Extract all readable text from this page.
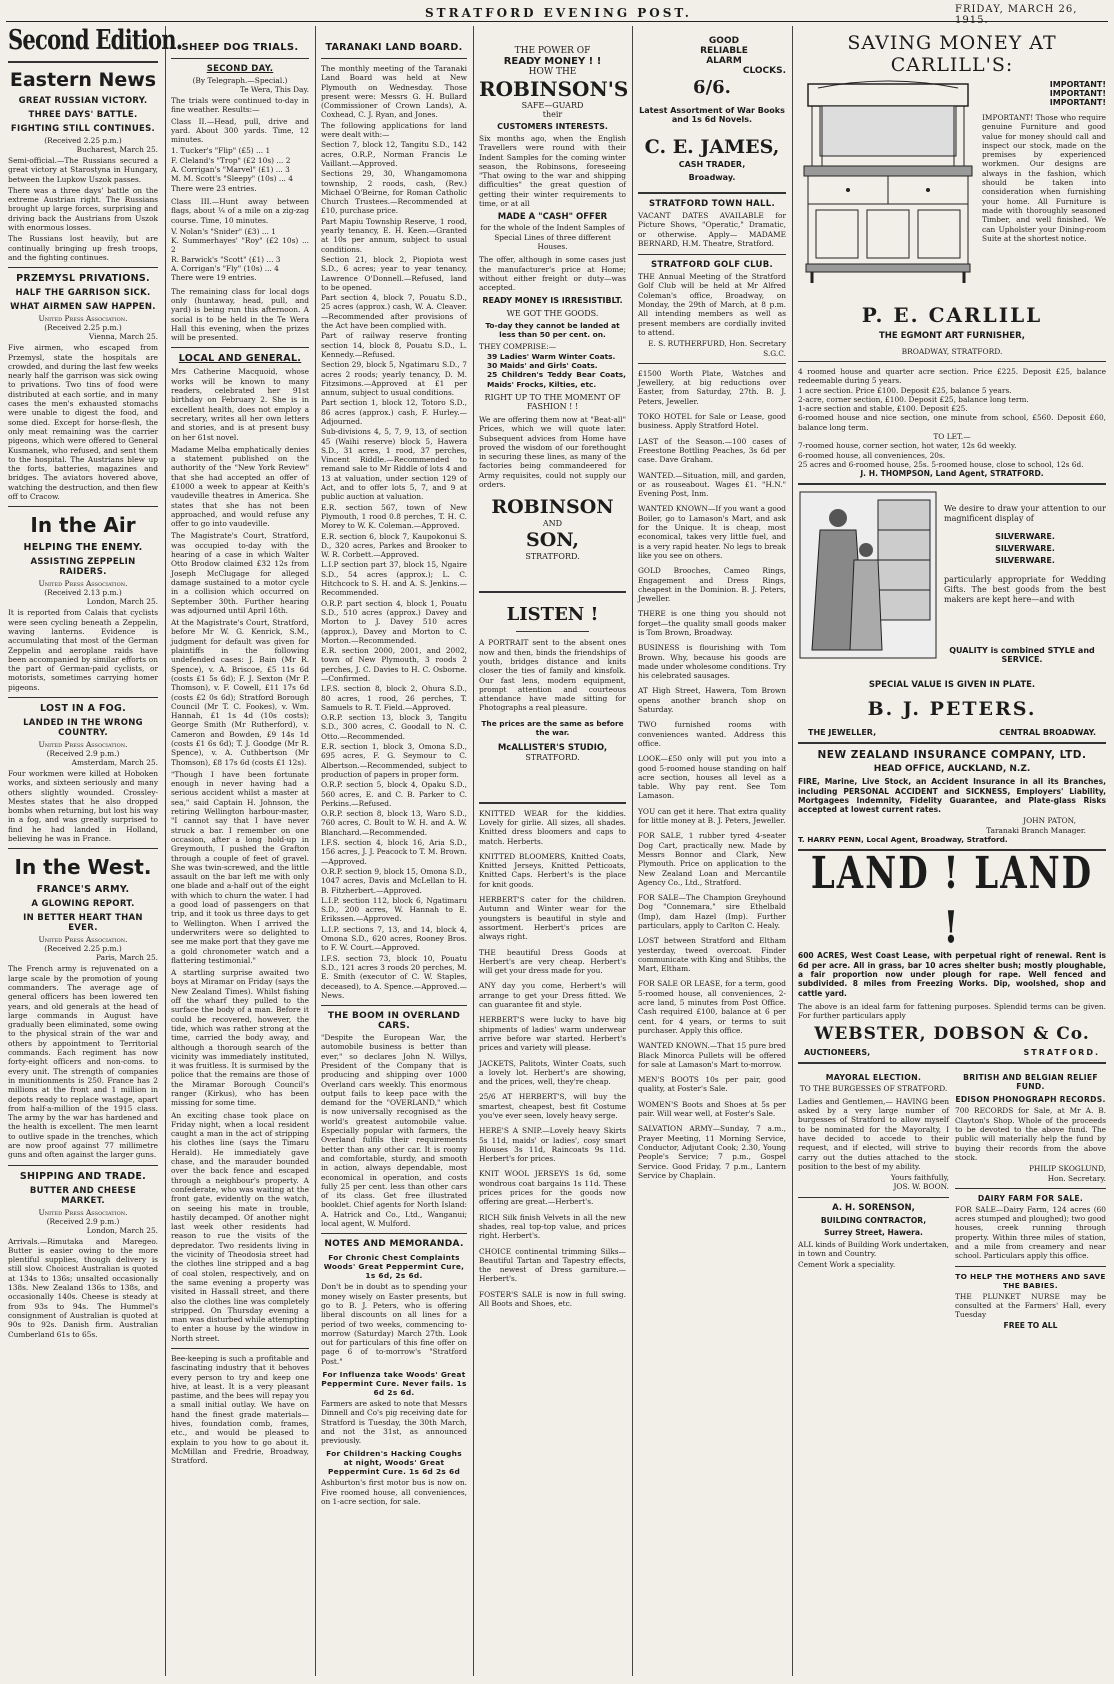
STRATFORD EVENING POST.	FRIDAY, MARCH 26, 1915.
Second Edition.
Eastern News
GREAT RUSSIAN VICTORY.
THREE DAYS' BATTLE.
FIGHTING STILL CONTINUES.
(Received 2.25 p.m.)
Bucharest, March 25.

Semi-official.—The Russians secured a great victory at Starostyna in Hungary, between the Lupkow Uszok passes.

There was a three days' battle on the extreme Austrian right. The Russians brought up large forces, surprising and driving back the Austrians from Uszok with enormous losses.

The Russians lost heavily, but are continually bringing up fresh troops, and the fighting continues.

PRZEMYSL PRIVATIONS.
HALF THE GARRISON SICK.
WHAT AIRMEN SAW HAPPEN.
United Press Association.
(Received 2.25 p.m.)
Vienna, March 25.

Five airmen, who escaped from Przemysl, state the hospitals are crowded, and during the last few weeks nearly half the garrison was sick owing to privations. Two tins of food were distributed at each sortie, and in many cases the men's exhausted stomachs were unable to digest the food, and some died. Except for horse-flesh, the only meat remaining was the carrier pigeons, which were offered to General Kusmanek, who refused, and sent them to the hospital. The Austrians blew up the forts, batteries, magazines and bridges. The aviators hovered above, watching the destruction, and then flew off to Cracow.

In the Air
HELPING THE ENEMY.
ASSISTING ZEPPELIN RAIDERS.
United Press Association.
(Received 2.13 p.m.)
London, March 25.

It is reported from Calais that cyclists were seen cycling beneath a Zeppelin, waving lanterns. Evidence is accumulating that most of the German Zeppelin and aeroplane raids have been accompanied by similar efforts on the part of German-paid cyclists, or motorists, sometimes carrying homer pigeons.

LOST IN A FOG.
LANDED IN THE WRONG COUNTRY.
United Press Association.
(Received 2.9 p.m.)
Amsterdam, March 25.

Four workmen were killed at Hoboken works, and sixteen seriously and many others slightly wounded. Crossley-Mestes states that he also dropped bombs when returning, but lost his way in a fog, and was greatly surprised to find he had landed in Holland, believing he was in France.

In the West.
FRANCE'S ARMY.
A GLOWING REPORT.
IN BETTER HEART THAN EVER.
United Press Association.
(Received 2.25 p.m.)
Paris, March 25.

The French army is rejuvenated on a large scale by the promotion of young commanders. The average age of general officers has been lowered ten years, and old generals at the head of large commands in August have gradually been eliminated, some owing to the physical strain of the war and others by appointment to Territorial commands. Each regiment has now forty-eight officers and non-coms. to every unit. The strength of companies in munitionments is 250. France has 2 millions at the front and 1 million in depots ready to replace wastage, apart from half-a-million of the 1915 class. The army by the war has hardened and the health is excellent. The men learnt to outlive spade in the trenches, which are now proof against 77 millimetre guns and often against the larger guns.

SHIPPING AND TRADE.
BUTTER AND CHEESE MARKET.
United Press Association.
(Received 2.9 p.m.)
London, March 25.

Arrivals.—Rimutaka and Maregeo. Butter is easier owing to the more plentiful supplies, though delivery is still slow. Choicest Australian is quoted at 134s to 136s; unsalted occasionally 138s. New Zealand 136s to 138s, and occasionally 140s. Cheese is steady at from 93s to 94s. The Hummel's consignment of Australian is quoted at 90s to 92s. Danish firm. Australian Cumberland 61s to 65s.

SHEEP DOG TRIALS.
SECOND DAY.
(By Telegraph.—Special.)
Te Wera, This Day.

The trials were continued to-day in fine weather. Results:—

Class II.—Head, pull, drive and yard. About 300 yards. Time, 12 minutes.

1. Tucker's "Flip" (£5) ... 1
F. Cleland's "Trop" (£2 10s) ... 2
A. Corrigan's "Marvel" (£1) ... 3
M. M. Scott's "Sleepy" (10s) ... 4
There were 23 entries.

Class III.—Hunt away between flags, about ¼ of a mile on a zig-zag course. Time, 10 minutes.

V. Nolan's "Snider" (£3) ... 1
K. Summerhayes' "Roy" (£2 10s) ... 2
R. Barwick's "Scott" (£1) ... 3
A. Corrigan's "Fly" (10s) ... 4
There were 19 entries.

The remaining class for local dogs only (huntaway, head, pull, and yard) is being run this afternoon. A social is to be held in the Te Wera Hall this evening, when the prizes will be presented.

LOCAL AND GENERAL.

Mrs Catherine Macquoid, whose works will be known to many readers, celebrated her 91st birthday on February 2. She is in excellent health, does not employ a secretary, writes all her own letters and stories, and is at present busy on her 61st novel.

Madame Melba emphatically denies a statement published on the authority of the "New York Review" that she had accepted an offer of £1000 a week to appear at Keith's vaudeville theatres in America. She states that she has not been approached, and would refuse any offer to go into vaudeville.

The Magistrate's Court, Stratford, was occupied to-day with the hearing of a case in which Walter Otto Brodow claimed £32 12s from Joseph McClugage for alleged damage sustained to a motor cycle in a collision which occurred on September 30th. Further hearing was adjourned until April 16th.

At the Magistrate's Court, Stratford, before Mr W. G. Kenrick, S.M., judgment for default was given for plaintiffs in the following undefended cases: J. Bain (Mr R. Spence), v. A. Briscoe, £5 11s 6d (costs £1 5s 6d); F. J. Sexton (Mr P. Thomson), v. F. Cowell, £11 17s 6d (costs £2 0s 6d); Stratford Borough Council (Mr T. C. Fookes), v. Wm. Hannah, £1 1s 4d (10s costs); George Smith (Mr Rutherford), v. Cameron and Bowden, £9 14s 1d (costs £1 6s 6d); T. J. Goodge (Mr R. Spence), v. A. Cuthbertson (Mr Thomson), £8 17s 6d (costs £1 12s).

"Though I have been fortunate enough in never having had a serious accident whilst a master at sea," said Captain H. Johnson, the retiring Wellington harbour-master, "I cannot say that I have never struck a bar. I remember on one occasion, after a long hold-up in Greymouth, I pushed the Grafton through a couple of feet of gravel. She was twin-screwed, and the little assault on the bar left me with only one blade and a-half out of the eight with which to churn the water. I had a good load of passengers on that trip, and it took us three days to get to Wellington. When I arrived the underwriters were so delighted to see me make port that they gave me a gold chronometer watch and a flattering testimonial."

A startling surprise awaited two boys at Miramar on Friday (says the New Zealand Times). Whilst fishing off the wharf they pulled to the surface the body of a man. Before it could be recovered, however, the tide, which was rather strong at the time, carried the body away, and although a thorough search of the vicinity was immediately instituted, it was fruitless. It is surmised by the police that the remains are those of the Miramar Borough Council's ranger (Kirkus), who has been missing for some time.

An exciting chase took place on Friday night, when a local resident caught a man in the act of stripping his clothes line (says the Timaru Herald). He immediately gave chase, and the marauder bounded over the back fence and escaped through a neighbour's property. A confederate, who was waiting at the front gate, evidently on the watch, on seeing his mate in trouble, hastily decamped. Of another night last week other residents had reason to rue the visits of the depredator. Two residents living in the vicinity of Theodosia street had the clothes line stripped and a bag of coal stolen, respectively, and on the same evening a property was visited in Hassall street, and there also the clothes line was completely stripped. On Thursday evening a man was disturbed while attempting to enter a house by the window in North street.

Bee-keeping is such a profitable and fascinating industry that it behoves every person to try and keep one hive, at least. It is a very pleasant pastime, and the bees will repay you a small initial outlay. We have on hand the finest grade materials—hives, foundation comb, frames, etc., and would be pleased to explain to you how to go about it. McMillan and Fredrie, Broadway, Stratford.

TARANAKI LAND BOARD.

The monthly meeting of the Taranaki Land Board was held at New Plymouth on Wednesday. Those present were: Messrs G. H. Bullard (Commissioner of Crown Lands), A. Coxhead, C. J. Ryan, and Jones.

The following applications for land were dealt with:—

Section 7, block 12, Tangitu S.D., 142 acres, O.R.P., Norman Francis Le Vaillant.—Approved.

Sections 29, 30, Whangamomona township, 2 roods, cash, (Rev.) Michael O'Beirne, for Roman Catholic Church Trustees.—Recommended at £10, purchase price.

Part Mapiu Township Reserve, 1 rood, yearly tenancy, E. H. Keen.—Granted at 10s per annum, subject to usual conditions.

Section 21, block 2, Piopiota west S.D., 6 acres; year to year tenancy, Lawrence O'Donnell.—Refused, land to be opened.

Part section 4, block 7, Pouatu S.D., 25 acres (approx.) cash, W. A. Cleaver.—Recommended after provisions of the Act have been complied with.

Part of railway reserve fronting section 14, block 8, Pouatu S.D., L. Kennedy.—Refused.

Section 29, block 5, Ngatimaru S.D., 7 acres 2 roods; yearly tenancy, D. M. Fitzsimons.—Approved at £1 per annum, subject to usual conditions.

Part section 1, block 12, Totoro S.D., 86 acres (approx.) cash, F. Hurley.—Adjourned.

Sub-divisions 4, 5, 7, 9, 13, of section 45 (Waihi reserve) block 5, Hawera S.D., 31 acres, 1 rood, 37 perches, Vincent Riddle.—Recommended to remand sale to Mr Riddle of lots 4 and 13 at valuation, under section 129 of Act, and to offer lots 5, 7, and 9 at public auction at valuation.

E.R. section 567, town of New Plymouth, 1 rood 0.8 perches, T. H. C. Morey to W. K. Coleman.—Approved.

E.R. section 6, block 7, Kaupokonui S. D., 320 acres, Parkes and Brooker to W. R. Corbett.—Approved.

L.I.P section part 37, block 15, Ngaire S.D., 54 acres (approx.); L. C. Hitchcock to S. H. and A. S. Jenkins.—Recommended.

O.R.P. part section 4, block 1, Pouatu S.D., 510 acres (approx.) Davey and Morton to J. Davey 510 acres (approx.), Davey and Morton to C. Morton.—Recommended.

E.R. section 2000, 2001, and 2002, town of New Plymouth, 3 roods 2 perches, J. C. Davies to H. C. Osborne.—Confirmed.

I.F.S. section 8, block 2, Ohura S.D., 80 acres, 1 rood, 26 perches, T. Samuels to R. T. Field.—Approved.

O.R.P. section 13, block 3, Tangitu S.D., 300 acres, C. Goodall to N. C. Otto.—Recommended.

E.R. section 1, block 3, Omona S.D., 695 acres, F. G. Seymour to C. Albertson.—Recommended, subject to production of papers in proper form.

O.R.P. section 5, block 4, Opaku S.D., 560 acres, E. and C. B. Parker to C. Perkins.—Refused.

O.R.P. section 8, block 13, Waro S.D., 760 acres, C. Boult to W. H. and A. W. Blanchard.—Recommended.

I.F.S. section 4, block 16, Aria S.D., 156 acres, J. J. Peacock to T. M. Brown.—Approved.

O.R.P. section 9, block 15, Omona S.D., 1047 acres, Davis and McLellan to H. B. Fitzherbert.—Approved.

L.I.P. section 112, block 6, Ngatimaru S.D., 200 acres, W. Hannah to E. Erikssen.—Approved.

L.I.P. sections 7, 13, and 14, block 4, Omona S.D., 620 acres, Rooney Bros. to F. W. Court.—Approved.

I.F.S. section 73, block 10, Pouatu S.D., 121 acres 3 roods 20 perches, M. E. Smith (executor of C. W. Staples, deceased), to A. Spence.—Approved.—News.

THE BOOM IN OVERLAND CARS.

"Despite the European War, the automobile business is better than ever," so declares John N. Willys, President of the Company that is producing and shipping over 1000 Overland cars weekly. This enormous output fails to keep pace with the demand for the "OVERLAND," which is now universally recognised as the world's greatest automobile value. Especially popular with farmers, the Overland fulfils their requirements better than any other car. It is roomy and comfortable, sturdy, and smooth in action, always dependable, most economical in operation, and costs fully 25 per cent. less than other cars of its class. Get free illustrated booklet. Chief agents for North Island: A. Hatrick and Co., Ltd., Wanganui; local agent, W. Mulford.

NOTES AND MEMORANDA.
For Chronic Chest Complaints Woods' Great Peppermint Cure, 1s 6d, 2s 6d.

Don't be in doubt as to spending your money wisely on Easter presents, but go to B. J. Peters, who is offering liberal discounts on all lines for a period of two weeks, commencing to-morrow (Saturday) March 27th. Look out for particulars of this fine offer on page 6 of to-morrow's "Stratford Post."

For Influenza take Woods' Great Peppermint Cure. Never fails. 1s 6d 2s 6d.

Farmers are asked to note that Messrs Dinnell and Co's pig receiving date for Stratford is Tuesday, the 30th March, and not the 31st, as announced previously.

For Children's Hacking Coughs at night, Woods' Great Peppermint Cure. 1s 6d 2s 6d

Ashburton's first motor bus is now on. Five roomed house, all conveniences, on 1-acre section, for sale.

THE POWER OF
READY MONEY ! !
HOW THE
ROBINSON'S
SAFE—GUARD
their
CUSTOMERS INTERESTS.

Six months ago, when the English Travellers were round with their Indent Samples for the coming winter season, the Robinsons, foreseeing "That owing to the war and shipping difficulties" the great question of getting their winter requirements to time, or at all

MADE A "CASH" OFFER

for the whole of the Indent Samples of Special Lines of three different Houses.

The offer, although in some cases just the manufacturer's price at Home; without either freight or duty—was accepted.

READY MONEY IS IRRESISTIBLT.
WE GOT THE GOODS.
To-day they cannot be landed at less than 50 per cent. on.
THEY COMPRISE:—
39 Ladies' Warm Winter Coats.
30 Maids' and Girls' Coats.
25 Children's Teddy Bear Coats, Maids' Frocks, Kilties, etc.
RIGHT UP TO THE MOMENT OF FASHION ! !

We are offering them now at "Beat-all" Prices, which we will quote later. Subsequent advices from Home have proved the wisdom of our forethought in securing these lines, as many of the factories being commandeered for Army requisites, could not supply our orders.

ROBINSON
AND
SON,
STRATFORD.
LISTEN !

A PORTRAIT sent to the absent ones now and then, binds the friendships of youth, bridges distance and knits closer the ties of family and kinsfolk. Our fast lens, modern equipment, prompt attention and courteous attendance have made sitting for Photographs a real pleasure.

The prices are the same as before the war.
McALLISTER'S STUDIO,
STRATFORD.

KNITTED WEAR for the kiddies. Lovely for girlie. All sizes, all shades. Knitted dress bloomers and caps to match. Herberts.

KNITTED BLOOMERS, Knitted Coats, Knitted Jerseys, Knitted Petticoats, Knitted Caps. Herbert's is the place for knit goods.

HERBERT'S cater for the children. Autumn and Winter wear for the youngsters is beautiful in style and assortment. Herbert's prices are always right.

THE beautiful Dress Goods at Herbert's are very cheap. Herbert's will get your dress made for you.

ANY day you come, Herbert's will arrange to get your Dress fitted. We can guarantee fit and style.

HERBERT'S were lucky to have big shipments of ladies' warm underwear arrive before war started. Herbert's prices and variety will please.

JACKETS, Palitots, Winter Coats, such a lovely lot. Herbert's are showing, and the prices, well, they're cheap.

25/6 AT HERBERT'S, will buy the smartest, cheapest, best fit Costume you've ever seen, lovely heavy serge.

HERE'S A SNIP.—Lovely heavy Skirts 5s 11d, maids' or ladies', cosy smart Blouses 3s 11d, Raincoats 9s 11d. Herbert's for prices.

KNIT WOOL JERSEYS 1s 6d, some wondrous coat bargains 1s 11d. These prices prices for the goods now offering are great.—Herbert's.

RICH Silk finish Velvets in all the new shades, real top-top value, and prices right. Herbert's.

CHOICE continental trimming Silks—Beautiful Tartan and Tapestry effects, the newest of Dress garniture.—Herbert's.

FOSTER'S SALE is now in full swing. All Boots and Shoes, etc.

GOOD
RELIABLE
ALARM
CLOCKS.
6/6.
Latest Assortment of War Books and 1s 6d Novels.
C. E. JAMES,
CASH TRADER,
Broadway.
STRATFORD TOWN HALL.

VACANT DATES AVAILABLE for Picture Shows, "Operatic," Dramatic, or otherwise. Apply— MADAME BERNARD, H.M. Theatre, Stratford.

STRATFORD GOLF CLUB.

THE Annual Meeting of the Stratford Golf Club will be held at Mr Alfred Coleman's office, Broadway, on Monday, the 29th of March, at 8 p.m. All intending members as well as present members are cordially invited to attend.

E. S. RUTHERFURD, Hon. Secretary S.G.C.

£1500 Worth Plate, Watches and Jewellery, at big reductions over Easter, from Saturday, 27th. B. J. Peters, Jeweller.

TOKO HOTEL for Sale or Lease, good business. Apply Stratford Hotel.

LAST of the Season.—100 cases of Freestone Bottling Peaches, 3s 6d per case. Dave Graham.

WANTED.—Situation, mill, and garden, or as rouseabout. Wages £1. "H.N." Evening Post, Inm.

WANTED KNOWN—If you want a good Boiler, go to Lamason's Mart, and ask for the Unique. It is cheap, most economical, takes very little fuel, and is a very rapid heater. No legs to break like you see on others.

GOLD Brooches, Cameo Rings, Engagement and Dress Rings, cheapest in the Dominion. B. J. Peters, Jeweller.

THERE is one thing you should not forget—the quality small goods maker is Tom Brown, Broadway.

BUSINESS is flourishing with Tom Brown. Why, because his goods are made under wholesome conditions. Try his celebrated sausages.

AT High Street, Hawera, Tom Brown opens another branch shop on Saturday.

TWO furnished rooms with conveniences wanted. Address this office.

LOOK—£50 only will put you into a good 5-roomed house standing on half acre section, houses all level as a table. Why pay rent. See Tom Lamason.

YOU can get it here. That extra quality for little money at B. J. Peters, Jeweller.

FOR SALE, 1 rubber tyred 4-seater Dog Cart, practically new. Made by Messrs Bonnor and Clark, New Plymouth. Price on application to the New Zealand Loan and Mercantile Agency Co., Ltd., Stratford.

FOR SALE—The Champion Greyhound Dog "Connemara," sire Ethelbald (Imp), dam Hazel (Imp). Further particulars, apply to Carlton C. Healy.

LOST between Stratford and Eltham yesterday, tweed overcoat. Finder communicate with King and Stibbs, the Mart, Eltham.

FOR SALE OR LEASE, for a term, good 5-roomed house, all conveniences, 2-acre land, 5 minutes from Post Office. Cash required £100, balance at 6 per cent. for 4 years, or terms to suit purchaser. Apply this office.

WANTED KNOWN.—That 15 pure bred Black Minorca Pullets will be offered for sale at Lamason's Mart to-morrow.

MEN'S BOOTS 10s per pair, good quality, at Foster's Sale.

WOMEN'S Boots and Shoes at 5s per pair. Will wear well, at Foster's Sale.

SALVATION ARMY—Sunday, 7 a.m., Prayer Meeting, 11 Morning Service, Conductor, Adjutant Cook; 2.30, Young People's Service; 7 p.m., Gospel Service. Good Friday, 7 p.m., Lantern Service by Chaplain.

SAVING MONEY AT
CARLILL'S:
IMPORTANT!
IMPORTANT!
IMPORTANT!

IMPORTANT! Those who require genuine Furniture and good value for money should call and inspect our stock, made on the premises by experienced workmen. Our designs are always in the fashion, which should be taken into consideration when furnishing your home. All Furniture is made with thoroughly seasoned Timber, and well finished. We can Upholster your Dining-room Suite at the shortest notice.

P. E. CARLILL
THE EGMONT ART FURNISHER,
BROADWAY, STRATFORD.
4 roomed house and quarter acre section. Price £225. Deposit £25, balance redeemable during 5 years.
1 acre section. Price £100. Deposit £25, balance 5 years.
2-acre, corner section, £100. Deposit £25, balance long term.
1-acre section and stable, £100. Deposit £25.
6-roomed house and nice section, one minute from school, £560. Deposit £60, balance long term.
TO LET.—
7-roomed house, corner section, hot water, 12s 6d weekly.
6-roomed house, all conveniences, 20s.
25 acres and 6-roomed house, 25s. 5-roomed house, close to school, 12s 6d.
J. H. THOMPSON, Land Agent, STRATFORD.

We desire to draw your attention to our magnificent display of

SILVERWARE.
SILVERWARE.
SILVERWARE.

particularly appropriate for Wedding Gifts. The best goods from the best makers are kept here—and with

QUALITY is combined STYLE and SERVICE.
SPECIAL VALUE IS GIVEN IN PLATE.
B. J. PETERS.
THE JEWELLER,	CENTRAL BROADWAY.
NEW ZEALAND INSURANCE COMPANY, LTD.
HEAD OFFICE, AUCKLAND, N.Z.

FIRE, Marine, Live Stock, an Accident Insurance in all its Branches, including PERSONAL ACCIDENT and SICKNESS, Employers' Liability, Mortgagees Indemnity, Fidelity Guarantee, and Plate-glass Risks accepted at lowest current rates.

JOHN PATON,
Taranaki Branch Manager.
T. HARRY PENN, Local Agent, Broadway, Stratford.
LAND ! LAND !

600 ACRES, West Coast Lease, with perpetual right of renewal. Rent is 6d per acre. All in grass, bar 10 acres shelter bush; mostly ploughable, a fair proportion now under plough for rape. Well fenced and subdivided. 8 miles from Freezing Works. Dip, woolshed, shop and cattle yard.

The above is an ideal farm for fattening purposes. Splendid terms can be given. For further particulars apply

WEBSTER, DOBSON & Co.
AUCTIONEERS,	STRATFORD.
MAYORAL ELECTION.
TO THE BURGESSES OF STRATFORD.

Ladies and Gentlemen,— HAVING been asked by a very large number of burgesses of Stratford to allow myself to be nominated for the Mayoralty, I have decided to accede to their request, and if elected, will strive to carry out the duties attached to the position to the best of my ability.

Yours faithfully,
JOS. W. BOON.
A. H. SORENSON,
BUILDING CONTRACTOR,
Surrey Street, Hawera.

ALL kinds of Building Work undertaken, in town and Country.

Cement Work a speciality.
BRITISH AND BELGIAN RELIEF FUND.
EDISON PHONOGRAPH RECORDS.

700 RECORDS for Sale, at Mr A. B. Clayton's Shop. Whole of the proceeds to be devoted to the above fund. The public will materially help the fund by buying their records from the above stock.

PHILIP SKOGLUND,
Hon. Secretary.
DAIRY FARM FOR SALE.

FOR SALE—Dairy Farm, 124 acres (60 acres stumped and ploughed); two good houses, creek running through property. Within three miles of station, and a mile from creamery and near school. Particulars apply this office.

TO HELP THE MOTHERS AND SAVE THE BABIES.

THE PLUNKET NURSE may be consulted at the Farmers' Hall, every Tuesday

FREE TO ALL
